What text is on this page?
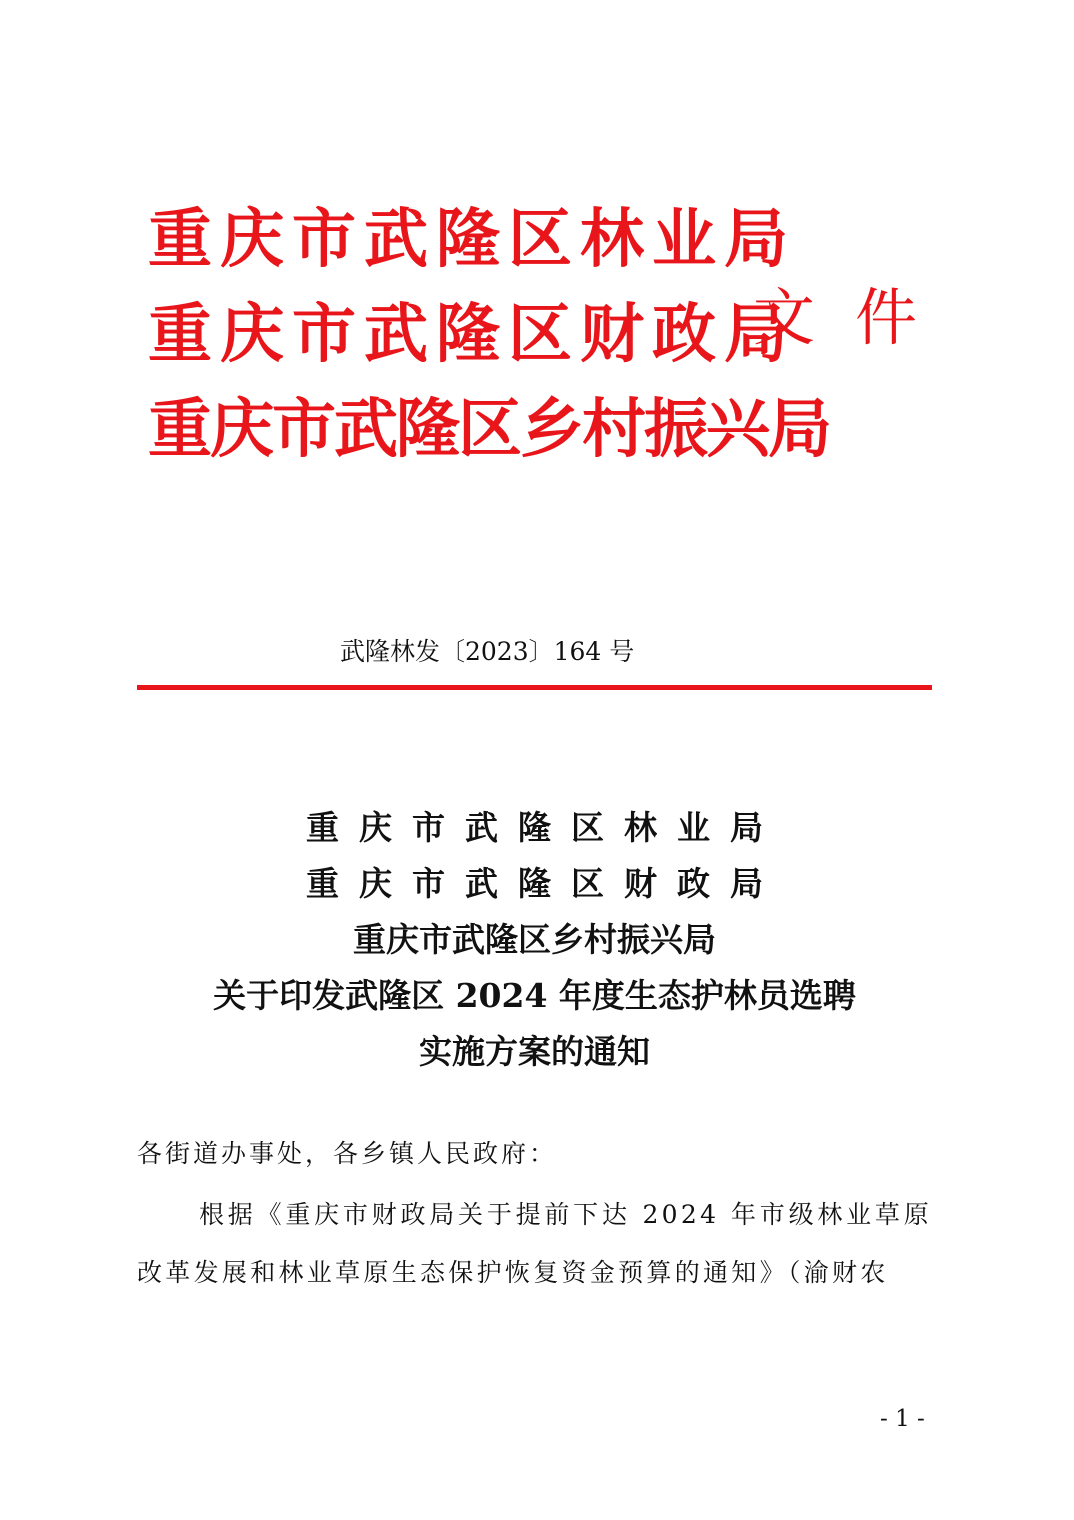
重庆市武隆区林业局
重庆市武隆区财政局
重庆市武隆区乡村振兴局
文件
武隆林发〔2023〕164 号
重庆市武隆区林业局
重庆市武隆区财政局
重庆市武隆区乡村振兴局
关于印发武隆区 2024 年度生态护林员选聘
实施方案的通知
各街道办事处，各乡镇人民政府：
根据《重庆市财政局关于提前下达 2024 年市级林业草原改革发展和林业草原生态保护恢复资金预算的通知》（渝财农
- 1 -
